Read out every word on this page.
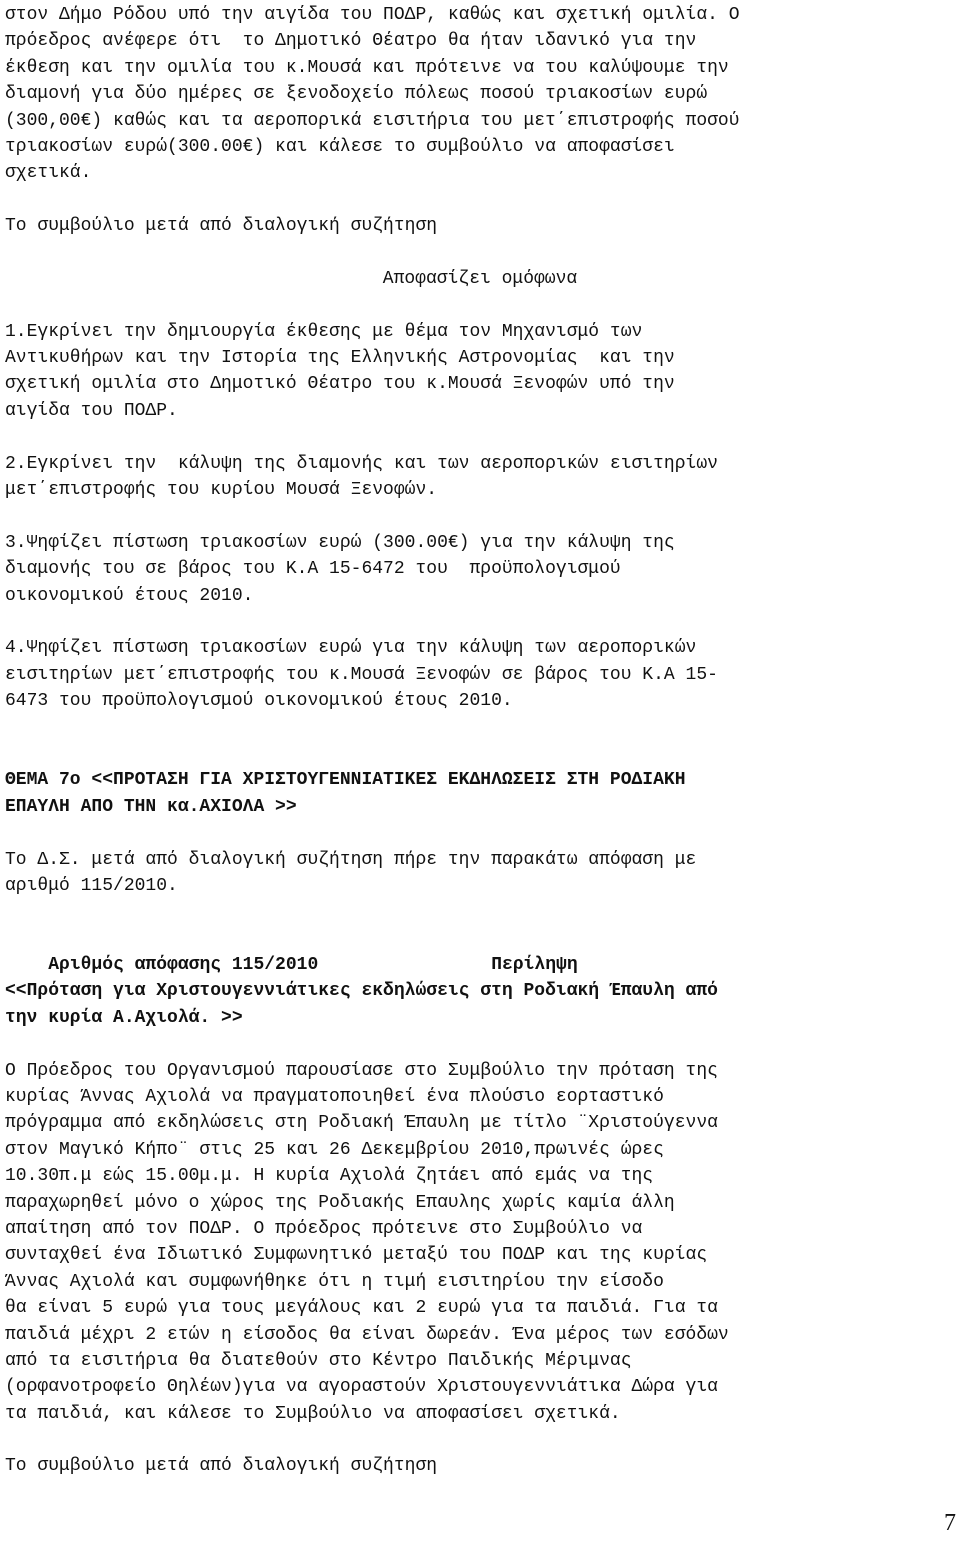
στον Δήμο Ρόδου υπό την αιγίδα του ΠΟΔΡ, καθώς και σχετική ομιλία. Ο
πρόεδρος ανέφερε ότι  το Δημοτικό Θέατρο θα ήταν ιδανικό για την
έκθεση και την ομιλία του κ.Μουσά και πρότεινε να του καλύψουμε την
διαμονή για δύο ημέρες σε ξενοδοχείο πόλεως ποσού τριακοσίων ευρώ
(300,00€) καθώς και τα αεροπορικά εισιτήρια του μετ΄επιστροφής ποσού
τριακοσίων ευρώ(300.00€) και κάλεσε το συμβούλιο να αποφασίσει
σχετικά.
Το συμβούλιο μετά από διαλογική συζήτηση
Αποφασίζει ομόφωνα
1.Εγκρίνει την δημιουργία έκθεσης με θέμα τον Μηχανισμό των
Αντικυθήρων και την Ιστορία της Ελληνικής Αστρονομίας  και την
σχετική ομιλία στο Δημοτικό Θέατρο του κ.Μουσά Ξενοφών υπό την
αιγίδα του ΠΟΔΡ.
2.Εγκρίνει την  κάλυψη της διαμονής και των αεροπορικών εισιτηρίων
μετ΄επιστροφής του κυρίου Μουσά Ξενοφών.
3.Ψηφίζει πίστωση τριακοσίων ευρώ (300.00€) για την κάλυψη της
διαμονής του σε βάρος του Κ.Α 15-6472 του  προϋπολογισμού
οικονομικού έτους 2010.
4.Ψηφίζει πίστωση τριακοσίων ευρώ για την κάλυψη των αεροπορικών
εισιτηρίων μετ΄επιστροφής του κ.Μουσά Ξενοφών σε βάρος του Κ.Α 15-
6473 του προϋπολογισμού οικονομικού έτους 2010.
ΘΕΜΑ 7ο <<ΠΡΟΤΑΣΗ ΓΙΑ ΧΡΙΣΤΟΥΓΕΝΝΙΑΤΙΚΕΣ ΕΚΔΗΛΩΣΕΙΣ ΣΤΗ ΡΟΔΙΑΚΗ
ΕΠΑΥΛΗ ΑΠΟ ΤΗΝ κα.ΑΧΙΟΛΑ >>
Το Δ.Σ. μετά από διαλογική συζήτηση πήρε την παρακάτω απόφαση με
αριθμό 115/2010.

Αριθμός απόφασης 115/2010	Περίληψη

<<Πρόταση για Χριστουγεννιάτικες εκδηλώσεις στη Ροδιακή Έπαυλη από
την κυρία Α.Αχιολά. >>
Ο Πρόεδρος του Οργανισμού παρουσίασε στο Συμβούλιο την πρόταση της
κυρίας Άννας Αχιολά να πραγματοποιηθεί ένα πλούσιο εορταστικό
πρόγραμμα από εκδηλώσεις στη Ροδιακή Έπαυλη με τίτλο ¨Χριστούγεννα
στον Μαγικό Κήπο¨ στις 25 και 26 Δεκεμβρίου 2010,πρωινές ώρες
10.30π.μ εώς 15.00μ.μ. Η κυρία Αχιολά ζητάει από εμάς να της
παραχωρηθεί μόνο ο χώρος της Ροδιακής Επαυλης χωρίς καμία άλλη
απαίτηση από τον ΠΟΔΡ. Ο πρόεδρος πρότεινε στο Συμβούλιο να
συνταχθεί ένα Ιδιωτικό Συμφωνητικό μεταξύ του ΠΟΔΡ και της κυρίας
Άννας Αχιολά και συμφωνήθηκε ότι η τιμή εισιτηρίου την είσοδο
θα είναι 5 ευρώ για τους μεγάλους και 2 ευρώ για τα παιδιά. Για τα
παιδιά μέχρι 2 ετών η είσοδος θα είναι δωρεάν. Ένα μέρος των εσόδων
από τα εισιτήρια θα διατεθούν στο Κέντρο Παιδικής Μέριμνας
(ορφανοτροφείο Θηλέων)για να αγοραστούν Χριστουγεννιάτικα Δώρα για
τα παιδιά, και κάλεσε το Συμβούλιο να αποφασίσει σχετικά.
Το συμβούλιο μετά από διαλογική συζήτηση
7
